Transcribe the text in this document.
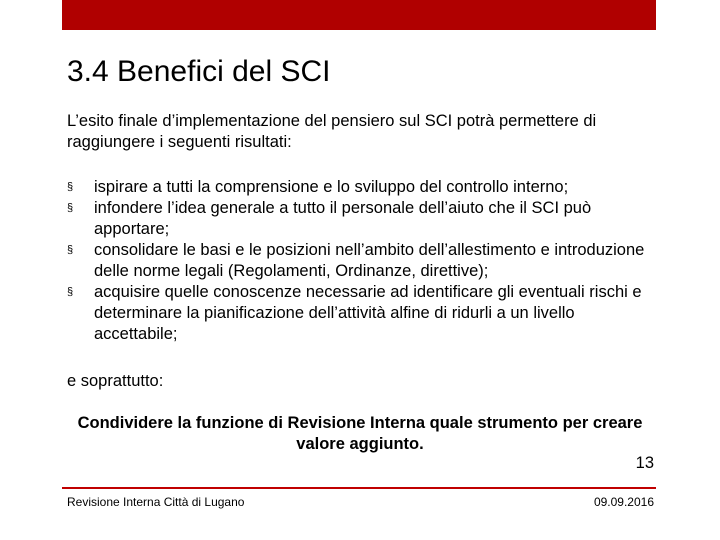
3.4 Benefici del SCI
L’esito finale d’implementazione del pensiero sul SCI potrà permettere di raggiungere i seguenti risultati:
§ ispirare a tutti la comprensione e lo sviluppo del controllo interno;
§ infondere l’idea generale a tutto il personale dell’aiuto che il SCI può apportare;
§ consolidare le basi e le posizioni nell’ambito dell’allestimento e introduzione delle norme legali (Regolamenti, Ordinanze, direttive);
§ acquisire quelle conoscenze necessarie ad identificare gli eventuali rischi e determinare la pianificazione dell’attività alfine di ridurli a un livello accettabile;
e soprattutto:
Condividere la funzione di Revisione Interna quale strumento per creare valore aggiunto.
13
Revisione Interna Città di Lugano	09.09.2016
